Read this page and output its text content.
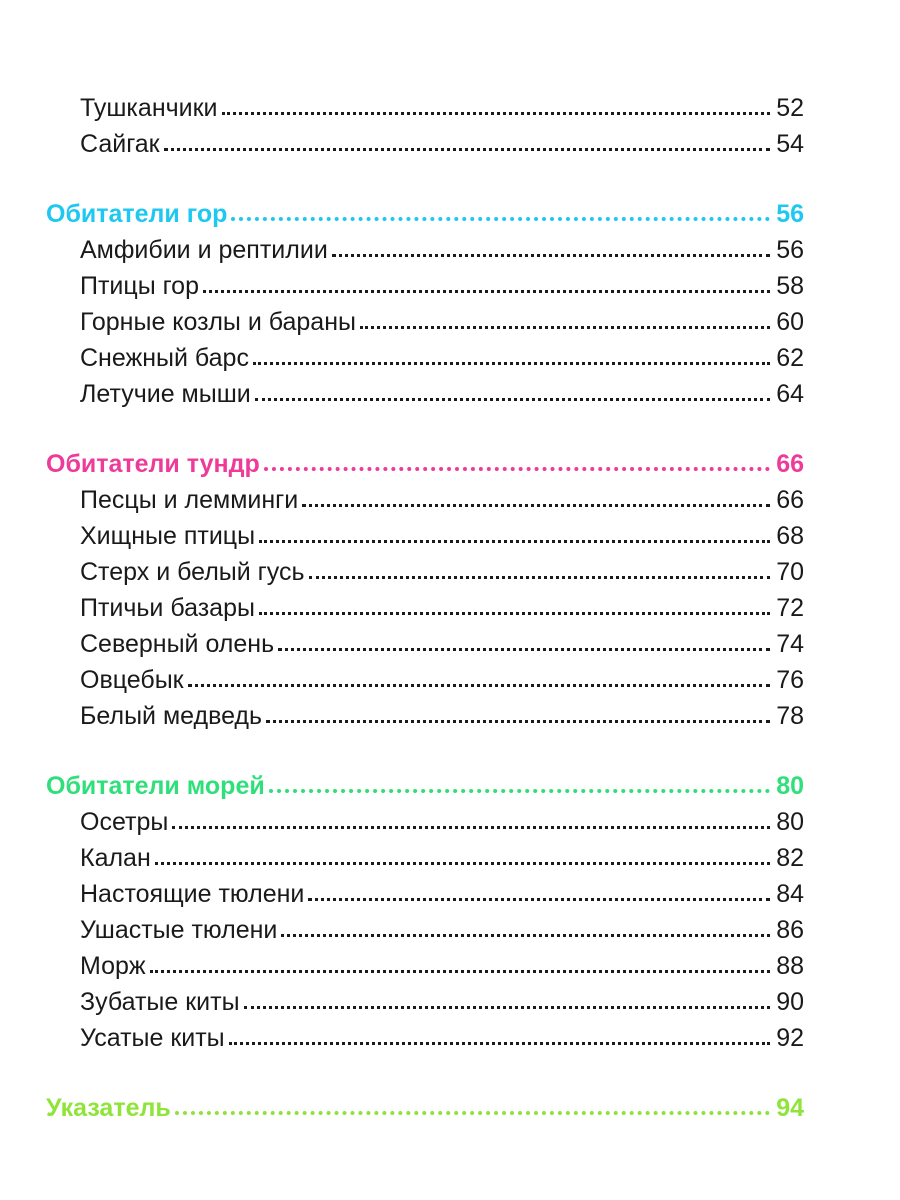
Тушканчики	52
Сайгак	54
Обитатели гор	56
Амфибии и рептилии	56
Птицы гор	58
Горные козлы и бараны	60
Снежный барс	62
Летучие мыши	64
Обитатели тундр	66
Песцы и лемминги	66
Хищные птицы	68
Стерх и белый гусь	70
Птичьи базары	72
Северный олень	74
Овцебык	76
Белый медведь	78
Обитатели морей	80
Осетры	80
Калан	82
Настоящие тюлени	84
Ушастые тюлени	86
Морж	88
Зубатые киты	90
Усатые киты	92
Указатель	94
